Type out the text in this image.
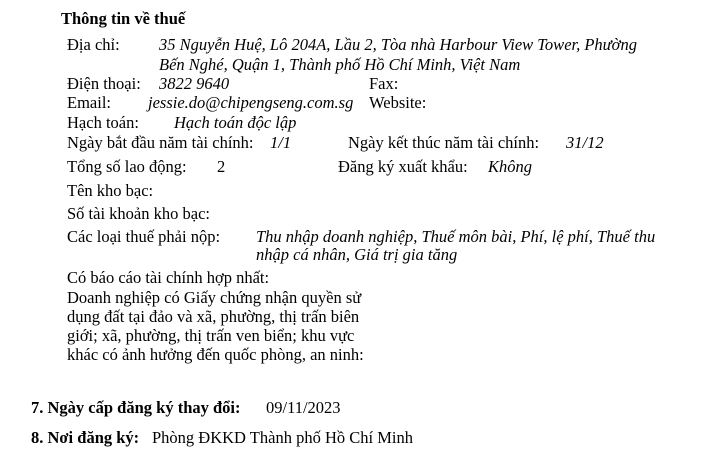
Thông tin về thuế
Địa chỉ: 35 Nguyễn Huệ, Lô 204A, Lầu 2, Tòa nhà Harbour View Tower, Phường
Bến Nghé, Quận 1, Thành phố Hồ Chí Minh, Việt Nam
Điện thoại: 3822 9640	Fax:
Email: jessie.do@chipengseng.com.sg Website:
Hạch toán: Hạch toán độc lập
Ngày bắt đầu năm tài chính: 1/1	Ngày kết thúc năm tài chính: 31/12
Tổng số lao động: 2	Đăng ký xuất khẩu: Không
Tên kho bạc:
Số tài khoản kho bạc:
Các loại thuế phải nộp: Thu nhập doanh nghiệp, Thuế môn bài, Phí, lệ phí, Thuế thu
nhập cá nhân, Giá trị gia tăng
Có báo cáo tài chính hợp nhất:
Doanh nghiệp có Giấy chứng nhận quyền sử
dụng đất tại đảo và xã, phường, thị trấn biên
giới; xã, phường, thị trấn ven biển; khu vực
khác có ảnh hưởng đến quốc phòng, an ninh:
7. Ngày cấp đăng ký thay đổi: 09/11/2023
8. Nơi đăng ký: Phòng ĐKKD Thành phố Hồ Chí Minh
